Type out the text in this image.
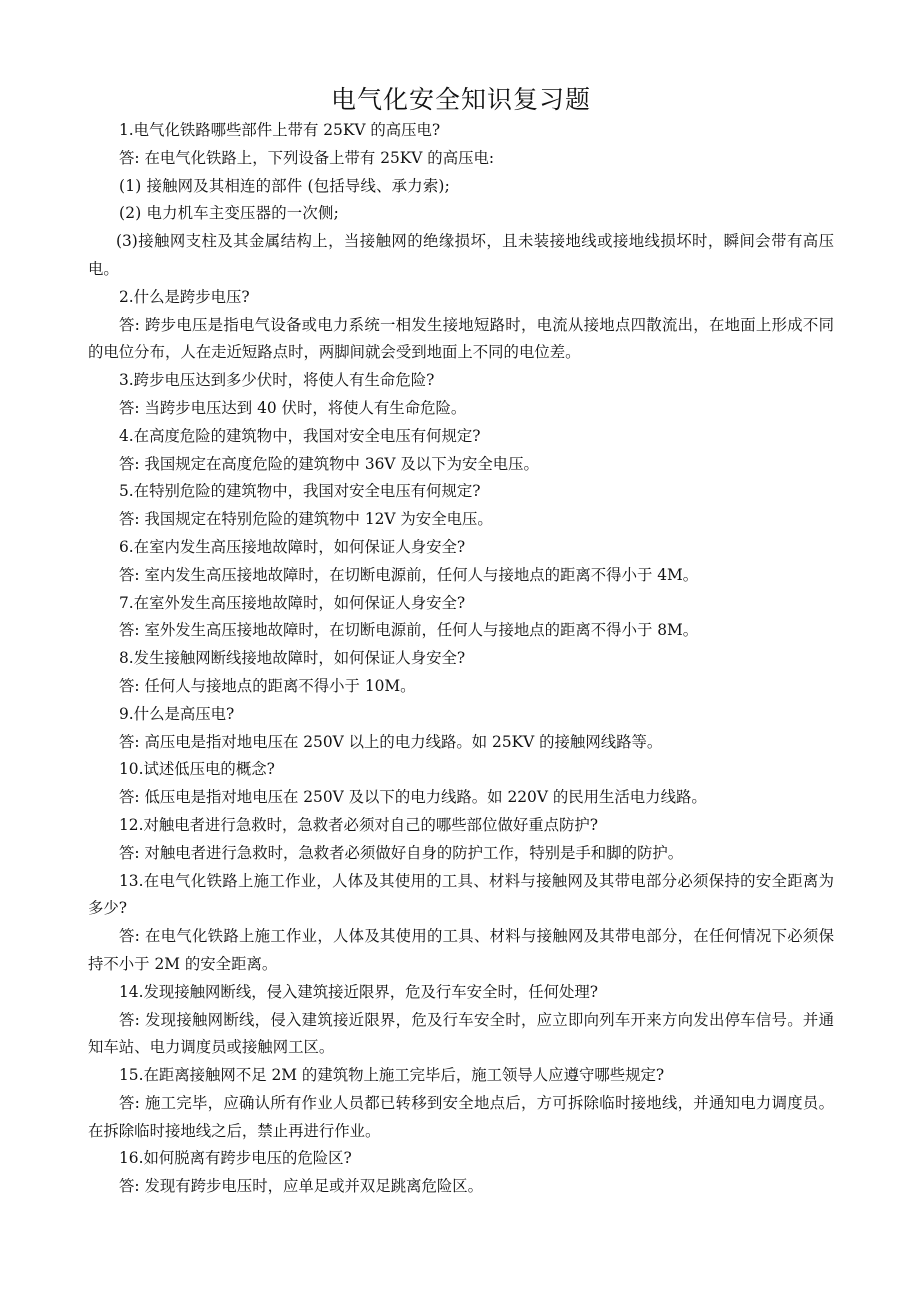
电气化安全知识复习题

1.电气化铁路哪些部件上带有 25KV 的高压电?

答: 在电气化铁路上，下列设备上带有 25KV 的高压电:

(1) 接触网及其相连的部件 (包括导线、承力索);

(2) 电力机车主变压器的一次侧;

(3)接触网支柱及其金属结构上，当接触网的绝缘损坏，且未装接地线或接地线损坏时，瞬间会带有高压电。

2.什么是跨步电压?

答: 跨步电压是指电气设备或电力系统一相发生接地短路时，电流从接地点四散流出，在地面上形成不同的电位分布，人在走近短路点时，两脚间就会受到地面上不同的电位差。

3.跨步电压达到多少伏时，将使人有生命危险?

答: 当跨步电压达到 40 伏时，将使人有生命危险。

4.在高度危险的建筑物中，我国对安全电压有何规定?

答: 我国规定在高度危险的建筑物中 36V 及以下为安全电压。

5.在特别危险的建筑物中，我国对安全电压有何规定?

答: 我国规定在特别危险的建筑物中 12V 为安全电压。

6.在室内发生高压接地故障时，如何保证人身安全?

答: 室内发生高压接地故障时，在切断电源前，任何人与接地点的距离不得小于 4M。

7.在室外发生高压接地故障时，如何保证人身安全?

答: 室外发生高压接地故障时，在切断电源前，任何人与接地点的距离不得小于 8M。

8.发生接触网断线接地故障时，如何保证人身安全?

答: 任何人与接地点的距离不得小于 10M。

9.什么是高压电?

答: 高压电是指对地电压在 250V 以上的电力线路。如 25KV 的接触网线路等。

10.试述低压电的概念?

答: 低压电是指对地电压在 250V 及以下的电力线路。如 220V 的民用生活电力线路。

12.对触电者进行急救时，急救者必须对自己的哪些部位做好重点防护?

答: 对触电者进行急救时，急救者必须做好自身的防护工作，特别是手和脚的防护。

13.在电气化铁路上施工作业，人体及其使用的工具、材料与接触网及其带电部分必须保持的安全距离为多少?

答: 在电气化铁路上施工作业，人体及其使用的工具、材料与接触网及其带电部分，在任何情况下必须保持不小于 2M 的安全距离。

14.发现接触网断线，侵入建筑接近限界，危及行车安全时，任何处理?

答: 发现接触网断线，侵入建筑接近限界，危及行车安全时，应立即向列车开来方向发出停车信号。并通知车站、电力调度员或接触网工区。

15.在距离接触网不足 2M 的建筑物上施工完毕后，施工领导人应遵守哪些规定?

答: 施工完毕，应确认所有作业人员都已转移到安全地点后，方可拆除临时接地线，并通知电力调度员。在拆除临时接地线之后，禁止再进行作业。

16.如何脱离有跨步电压的危险区?

答: 发现有跨步电压时，应单足或并双足跳离危险区。
